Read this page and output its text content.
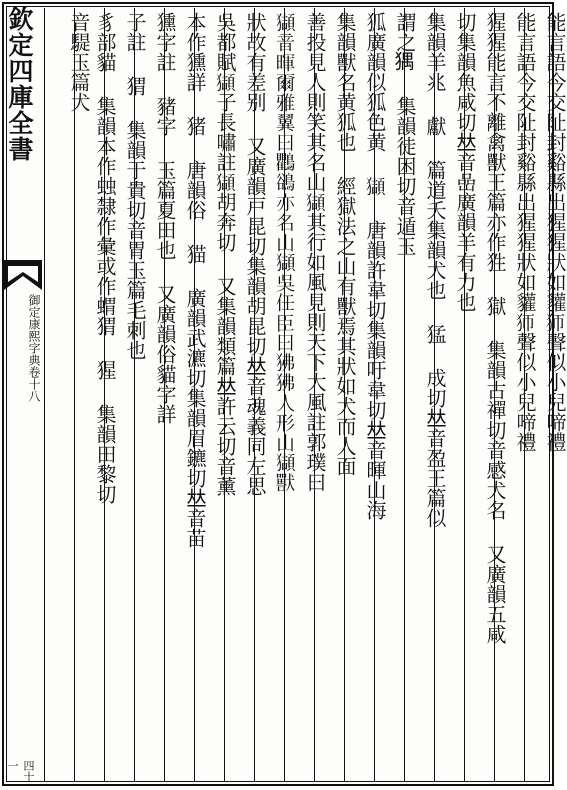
欽定四庫全書
御定康熙字典卷十八
四十一
能言語今交阯封谿縣出猩猩狀如貛𤜳聲似小兒啼禮
能言語今交阯封谿縣出猩猩狀如貛𤜳聲似小兒啼禮
猩猩能言不離禽獸王篇亦作狌 獄 集韻古禪切音感犬名 又廣韻五咸
切集韻魚咸切𠀤音嵒廣韻羊有力也
集韻羊兆 獻 篇道夭集韻犬也 猛 成切𠀤音盈王篇似
謂之𤟹 集韻徒困切音遁玉
狐廣韻似狐色黄 𤢺 唐韻許韋切集韻吁韋切𠀤音暉山海
集韻獸名黄狐也 經獄法之山有獸焉其狀如犬而人面
善投見人則笑其名山𤢺其行如風見則天下大風註郭璞曰
𤢺音暉爾雅翼曰鸜鵒亦名山𤢺吳任臣曰狒狒人形山𤢺獸
狀故有差别 又廣韻戸昆切集韻胡昆切𠀤音魂義同左思
吳都賦𤢺子長嘯註𤢺胡奔切 又集韻類篇𠀤許云切音薰
本作獯詳 猪 唐韻俗 猫 廣韻武瀌切集韻眉鑣切𠀤音苗
獯字註 豬字 玉篇夏田也 又廣韻俗貓字詳
子註 猬 集韻于貴切音胃玉篇毛刺也
豸部貓 集韻本作䖵隸作彙或作蝟猬 猩 集韻田黎切
音騠玉篇犬
